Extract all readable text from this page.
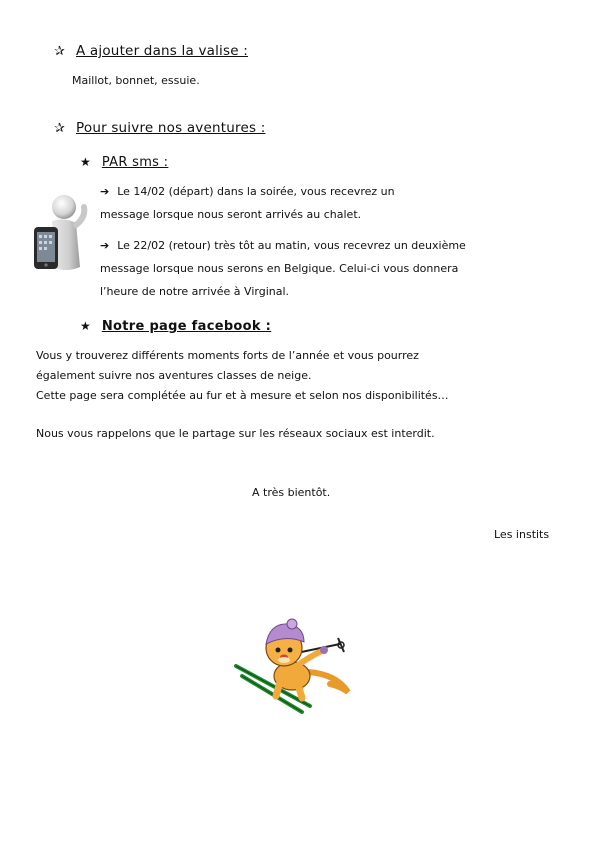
✰ A ajouter dans la valise :
Maillot, bonnet, essuie.
✰ Pour suivre nos aventures :
★ PAR sms :
➔ Le 14/02 (départ) dans la soirée, vous recevrez un
message lorsque nous seront arrivés au chalet.
➔ Le 22/02 (retour) très tôt au matin, vous recevrez un deuxième
message lorsque nous serons en Belgique. Celui-ci vous donnera
l’heure de notre arrivée à Virginal.
★ Notre page facebook :
Vous y trouverez différents moments forts de l’année et vous pourrez
également suivre nos aventures classes de neige.
Cette page sera complétée au fur et à mesure et selon nos disponibilités…
Nous vous rappelons que le partage sur les réseaux sociaux est interdit.
A très bientôt.
Les instits
